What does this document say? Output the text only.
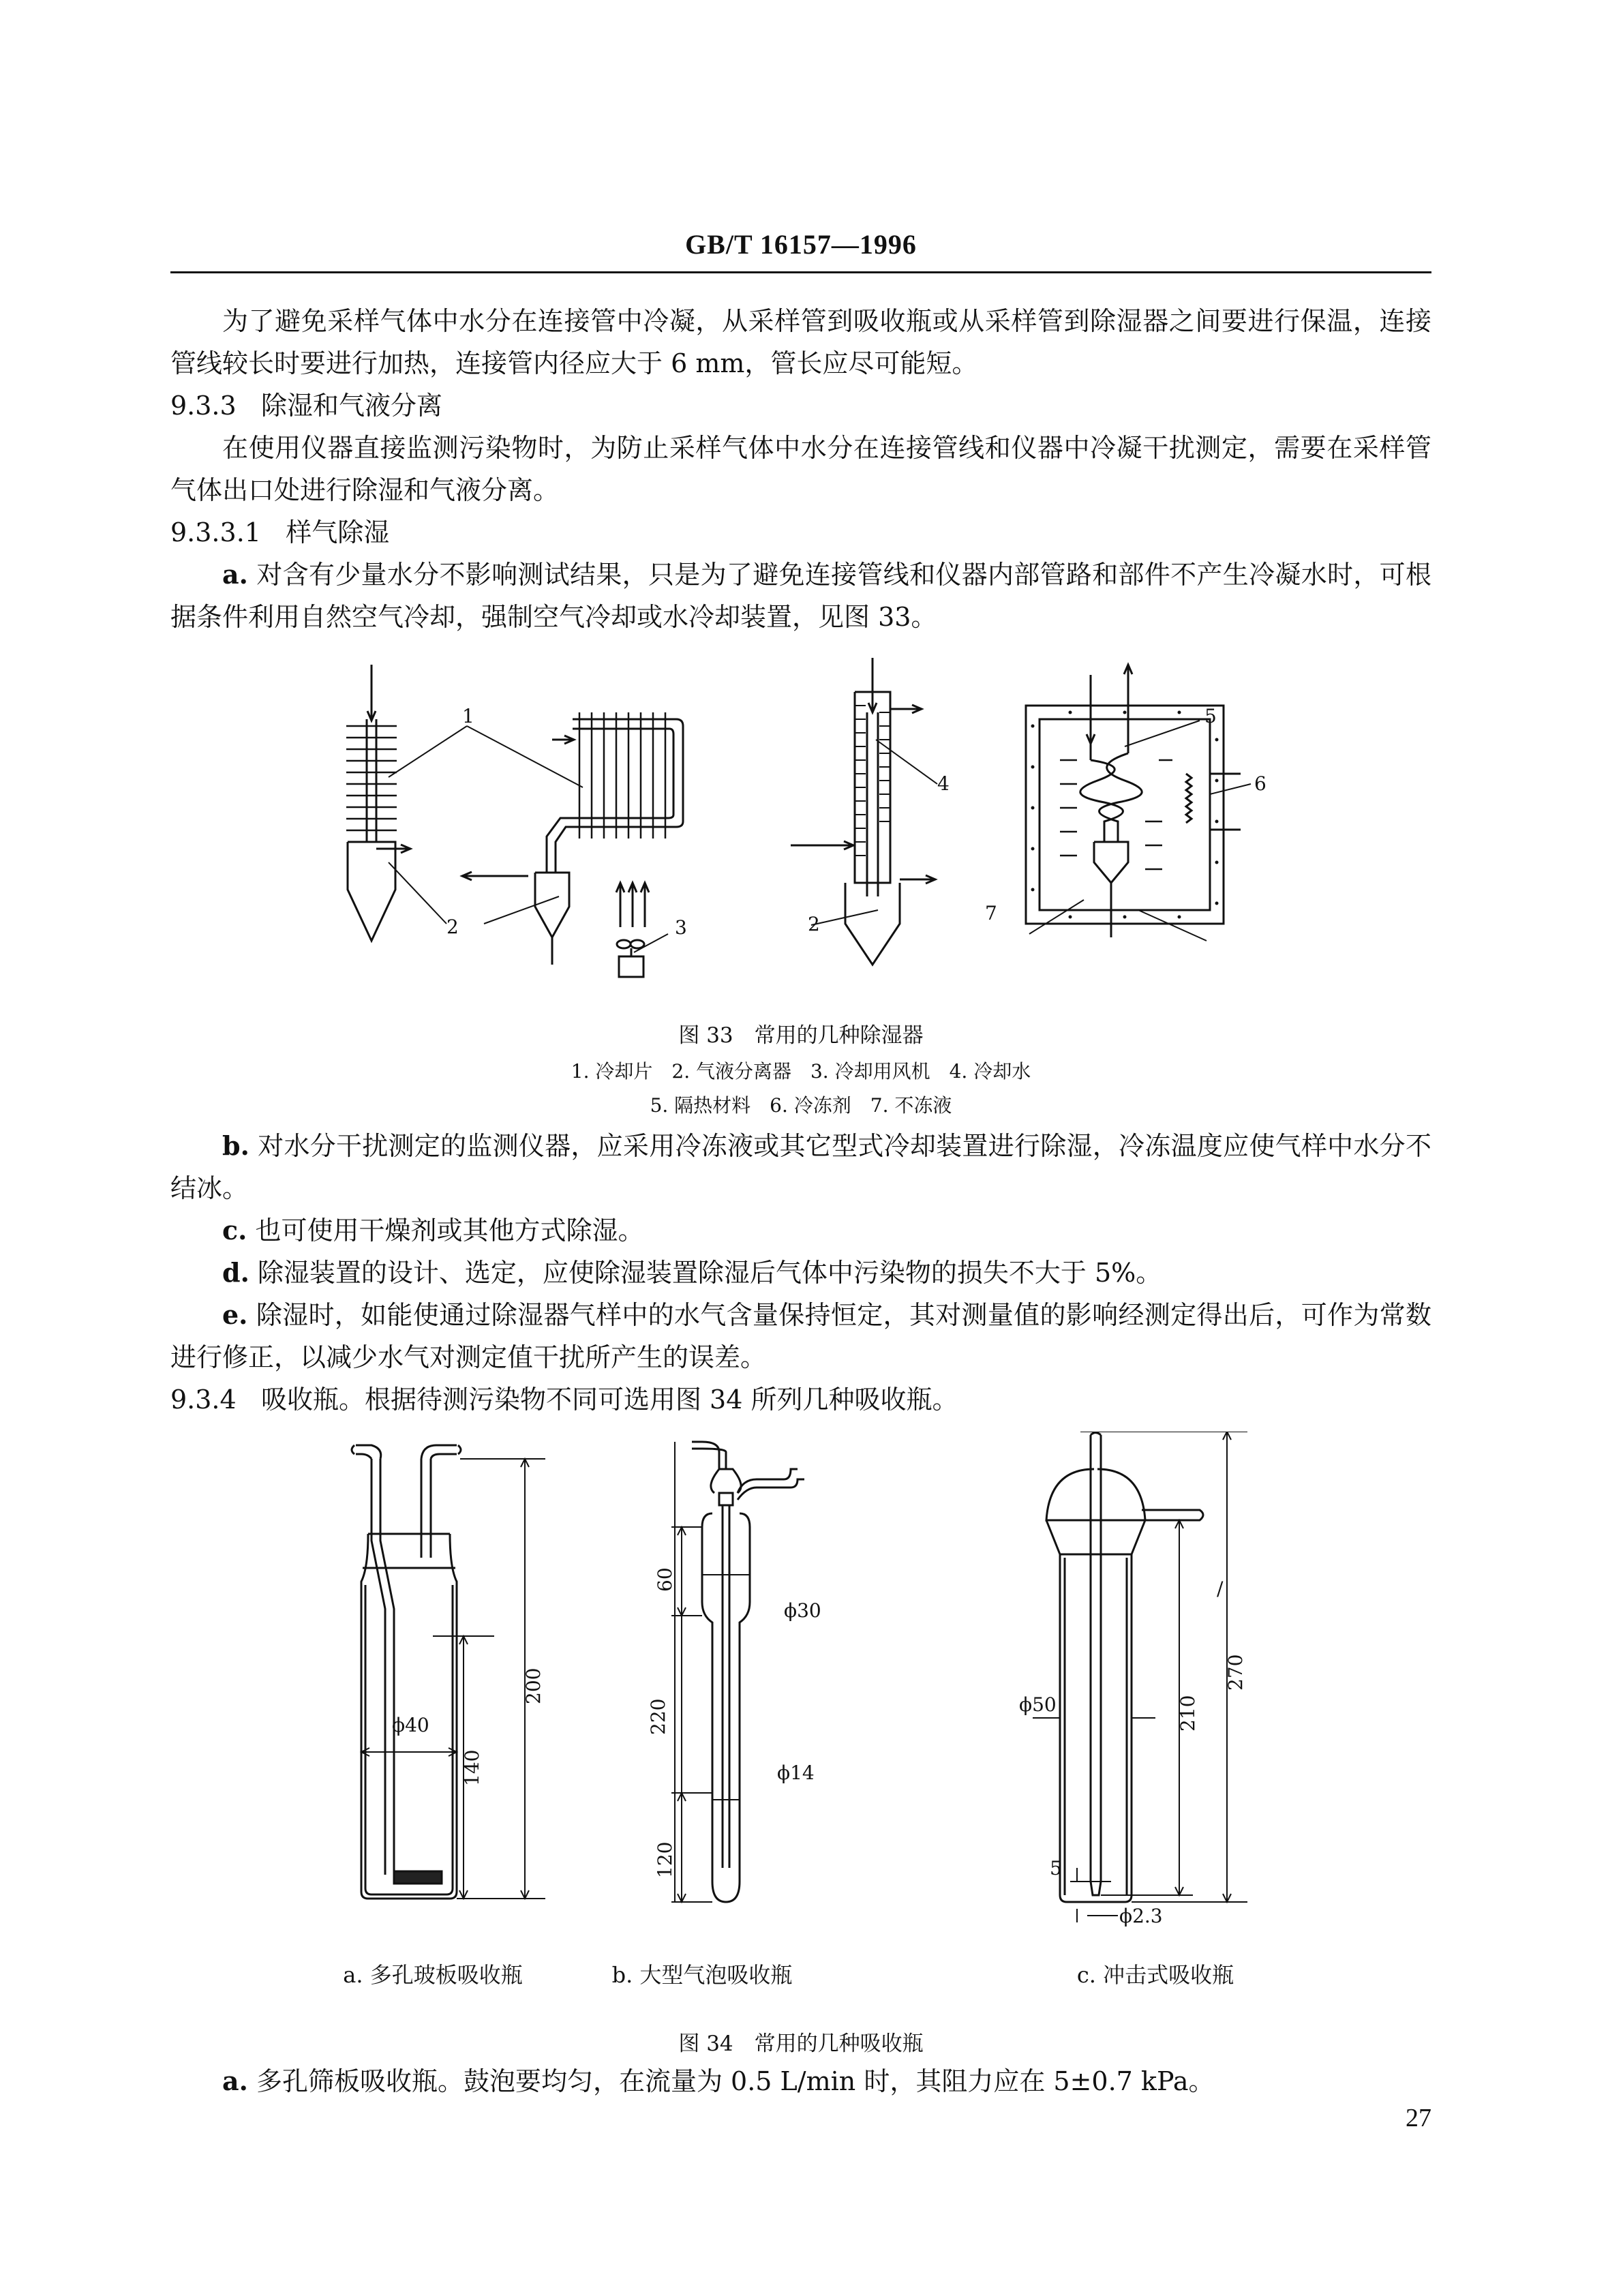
GB/T 16157—1996

为了避免采样气体中水分在连接管中冷凝，从采样管到吸收瓶或从采样管到除湿器之间要进行保温，连接管线较长时要进行加热，连接管内径应大于 6 mm，管长应尽可能短。

9.3.3 除湿和气液分离

在使用仪器直接监测污染物时，为防止采样气体中水分在连接管线和仪器中冷凝干扰测定，需要在采样管气体出口处进行除湿和气液分离。

9.3.3.1 样气除湿

a. 对含有少量水分不影响测试结果，只是为了避免连接管线和仪器内部管路和部件不产生冷凝水时，可根据条件利用自然空气冷却，强制空气冷却或水冷却装置，见图 33。

1
2	3
4
2
5
6
7
图 33　常用的几种除湿器
1. 冷却片　2. 气液分离器　3. 冷却用风机　4. 冷却水
5. 隔热材料　6. 冷冻剂　7. 不冻液

b. 对水分干扰测定的监测仪器，应采用冷冻液或其它型式冷却装置进行除湿，冷冻温度应使气样中水分不结冰。

c. 也可使用干燥剂或其他方式除湿。

d. 除湿装置的设计、选定，应使除湿装置除湿后气体中污染物的损失不大于 5%。

e. 除湿时，如能使通过除湿器气样中的水气含量保持恒定，其对测量值的影响经测定得出后，可作为常数进行修正，以减少水气对测定值干扰所产生的误差。

9.3.4 吸收瓶。根据待测污染物不同可选用图 34 所列几种吸收瓶。

ϕ40
140
200
60
220
120
ϕ30
ϕ14
ϕ50
5
ϕ2.3
210
270
/
a. 多孔玻板吸收瓶	b. 大型气泡吸收瓶	c. 冲击式吸收瓶
图 34　常用的几种吸收瓶

a. 多孔筛板吸收瓶。鼓泡要均匀，在流量为 0.5 L/min 时，其阻力应在 5±0.7 kPa。

27
